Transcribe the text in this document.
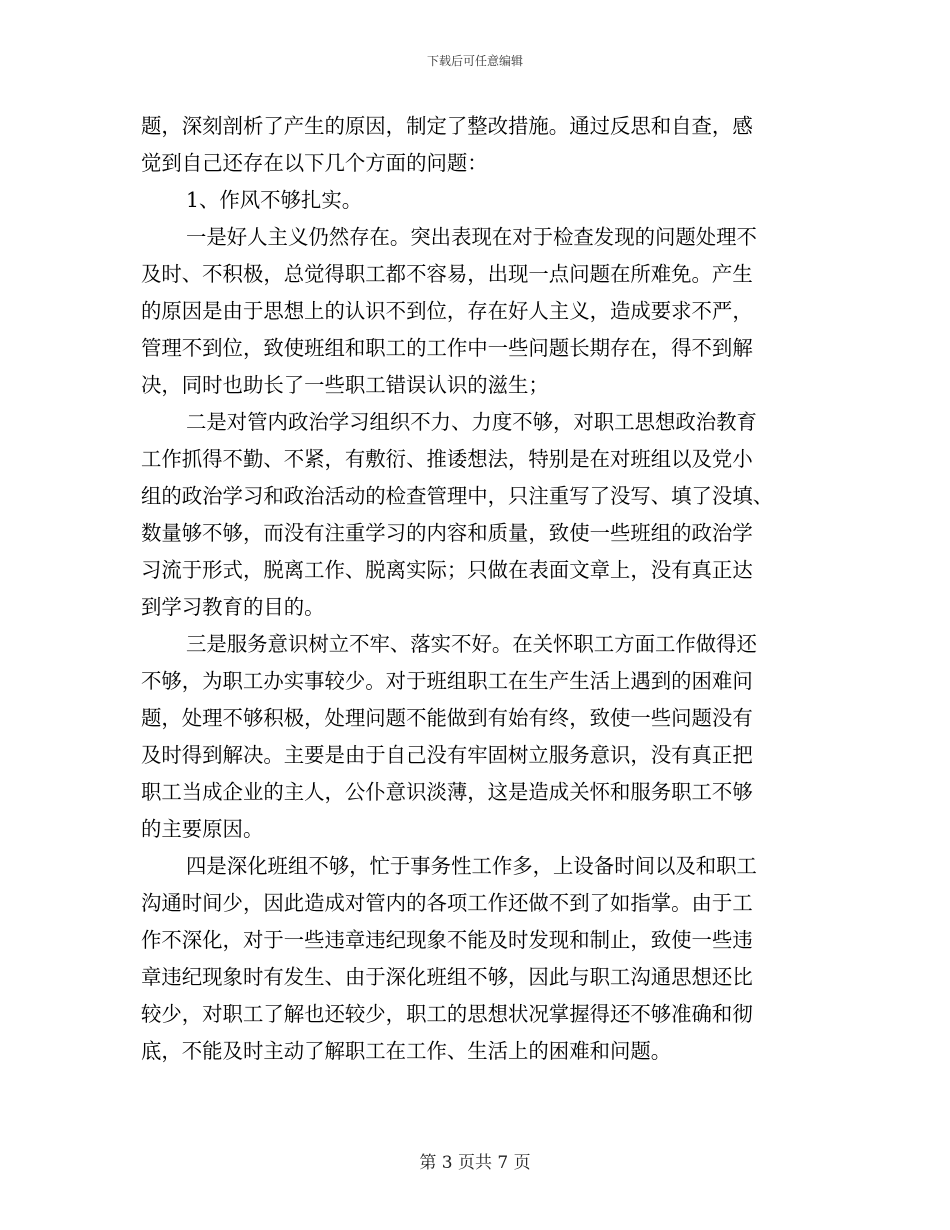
下载后可任意编辑
题，深刻剖析了产生的原因，制定了整改措施。通过反思和自查，感
觉到自己还存在以下几个方面的问题：
1、作风不够扎实。
一是好人主义仍然存在。突出表现在对于检查发现的问题处理不
及时、不积极，总觉得职工都不容易，出现一点问题在所难免。产生
的原因是由于思想上的认识不到位，存在好人主义，造成要求不严，
管理不到位，致使班组和职工的工作中一些问题长期存在，得不到解
决，同时也助长了一些职工错误认识的滋生；
二是对管内政治学习组织不力、力度不够，对职工思想政治教育
工作抓得不勤、不紧，有敷衍、推诿想法，特别是在对班组以及党小
组的政治学习和政治活动的检查管理中，只注重写了没写、填了没填、
数量够不够，而没有注重学习的内容和质量，致使一些班组的政治学
习流于形式，脱离工作、脱离实际；只做在表面文章上，没有真正达
到学习教育的目的。
三是服务意识树立不牢、落实不好。在关怀职工方面工作做得还
不够，为职工办实事较少。对于班组职工在生产生活上遇到的困难问
题，处理不够积极，处理问题不能做到有始有终，致使一些问题没有
及时得到解决。主要是由于自己没有牢固树立服务意识，没有真正把
职工当成企业的主人，公仆意识淡薄，这是造成关怀和服务职工不够
的主要原因。
四是深化班组不够，忙于事务性工作多，上设备时间以及和职工
沟通时间少，因此造成对管内的各项工作还做不到了如指掌。由于工
作不深化，对于一些违章违纪现象不能及时发现和制止，致使一些违
章违纪现象时有发生、由于深化班组不够，因此与职工沟通思想还比
较少，对职工了解也还较少，职工的思想状况掌握得还不够准确和彻
底，不能及时主动了解职工在工作、生活上的困难和问题。
第 3 页共 7 页
